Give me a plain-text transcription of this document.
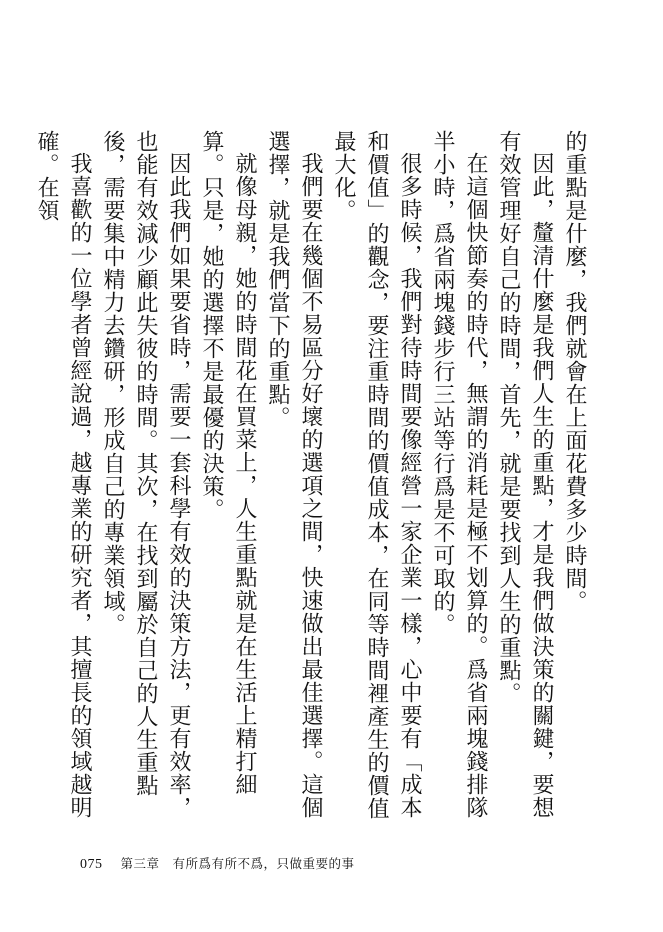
的重點是什麼，我們就會在上面花費多少時間。

因此，釐清什麼是我們人生的重點，才是我們做決策的關鍵，要想有效管理好自己的時間，首先，就是要找到人生的重點。

在這個快節奏的時代，無謂的消耗是極不划算的。爲省兩塊錢排隊半小時，爲省兩塊錢步行三站等行爲是不可取的。

很多時候，我們對待時間要像經營一家企業一樣，心中要有「成本和價值」的觀念，要注重時間的價值成本，在同等時間裡產生的價值最大化。

我們要在幾個不易區分好壞的選項之間，快速做出最佳選擇。這個選擇，就是我們當下的重點。

就像母親，她的時間花在買菜上，人生重點就是在生活上精打細算。只是，她的選擇不是最優的決策。

因此我們如果要省時，需要一套科學有效的決策方法，更有效率，也能有效減少顧此失彼的時間。其次，在找到屬於自己的人生重點後，需要集中精力去鑽研，形成自己的專業領域。

我喜歡的一位學者曾經說過，越專業的研究者，其擅長的領域越明確。在領

075 第三章　有所爲有所不爲，只做重要的事
